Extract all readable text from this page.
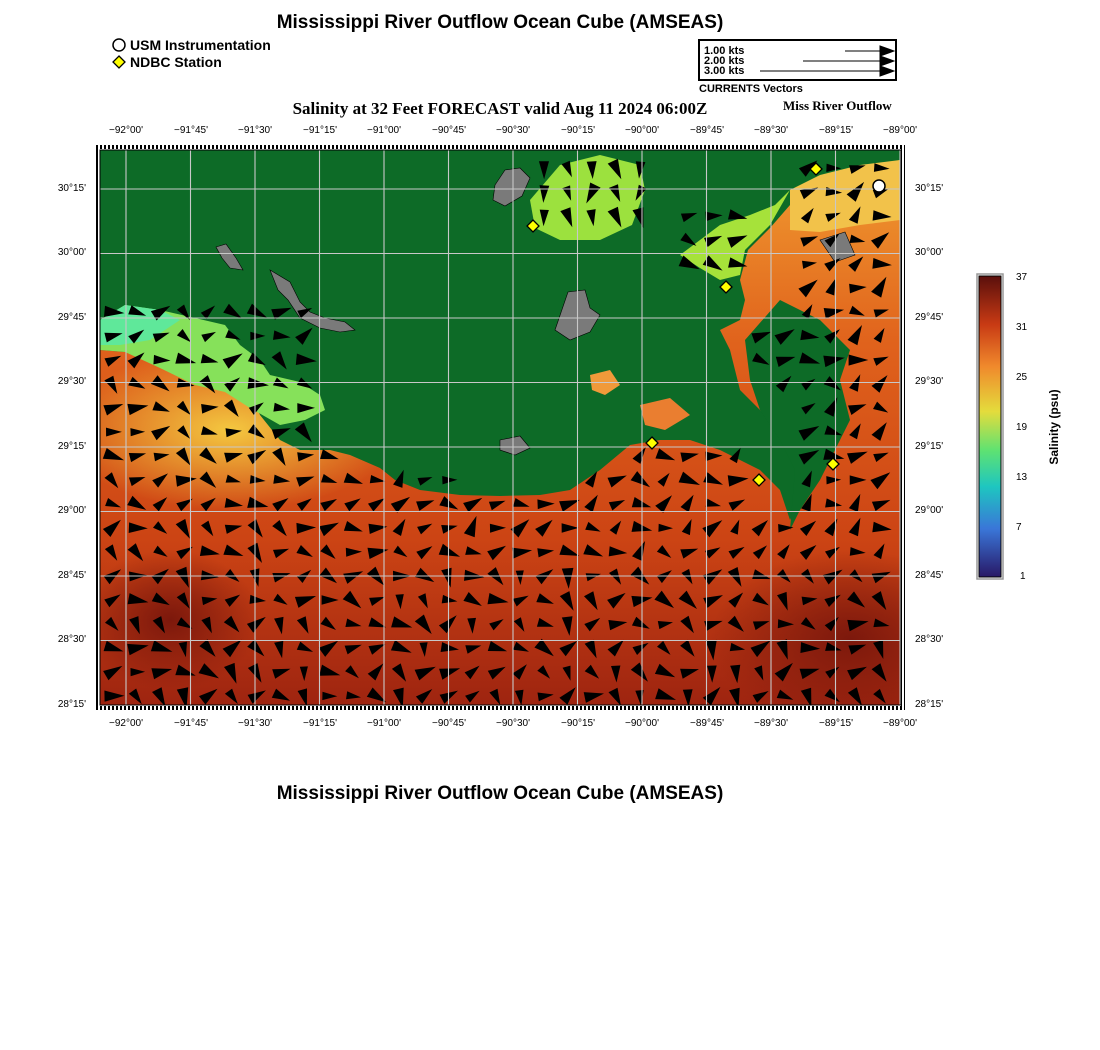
Mississippi River Outflow Ocean Cube (AMSEAS)
USM Instrumentation
NDBC Station
1.00 kts
2.00 kts
3.00 kts
CURRENTS Vectors
Salinity at 32 Feet FORECAST valid Aug 11 2024 06:00Z	Miss River Outflow
−92°00'	−91°45'	−91°30'	−91°15'	−91°00'	−90°45'	−90°30'	−90°15'	−90°00'	−89°45'	−89°30'	−89°15'	−89°00'
−92°00'	−91°45'	−91°30'	−91°15'	−91°00'	−90°45'	−90°30'	−90°15'	−90°00'	−89°45'	−89°30'	−89°15'	−89°00'
30°15'
30°00'
29°45'
29°30'
29°15'
29°00'
28°45'
28°30'
28°15'
30°15'
30°00'
29°45'
29°30'
29°15'
29°00'
28°45'
28°30'
28°15'
37
31
25
19
13
7
1
Salinity (psu)
Mississippi River Outflow Ocean Cube (AMSEAS)
